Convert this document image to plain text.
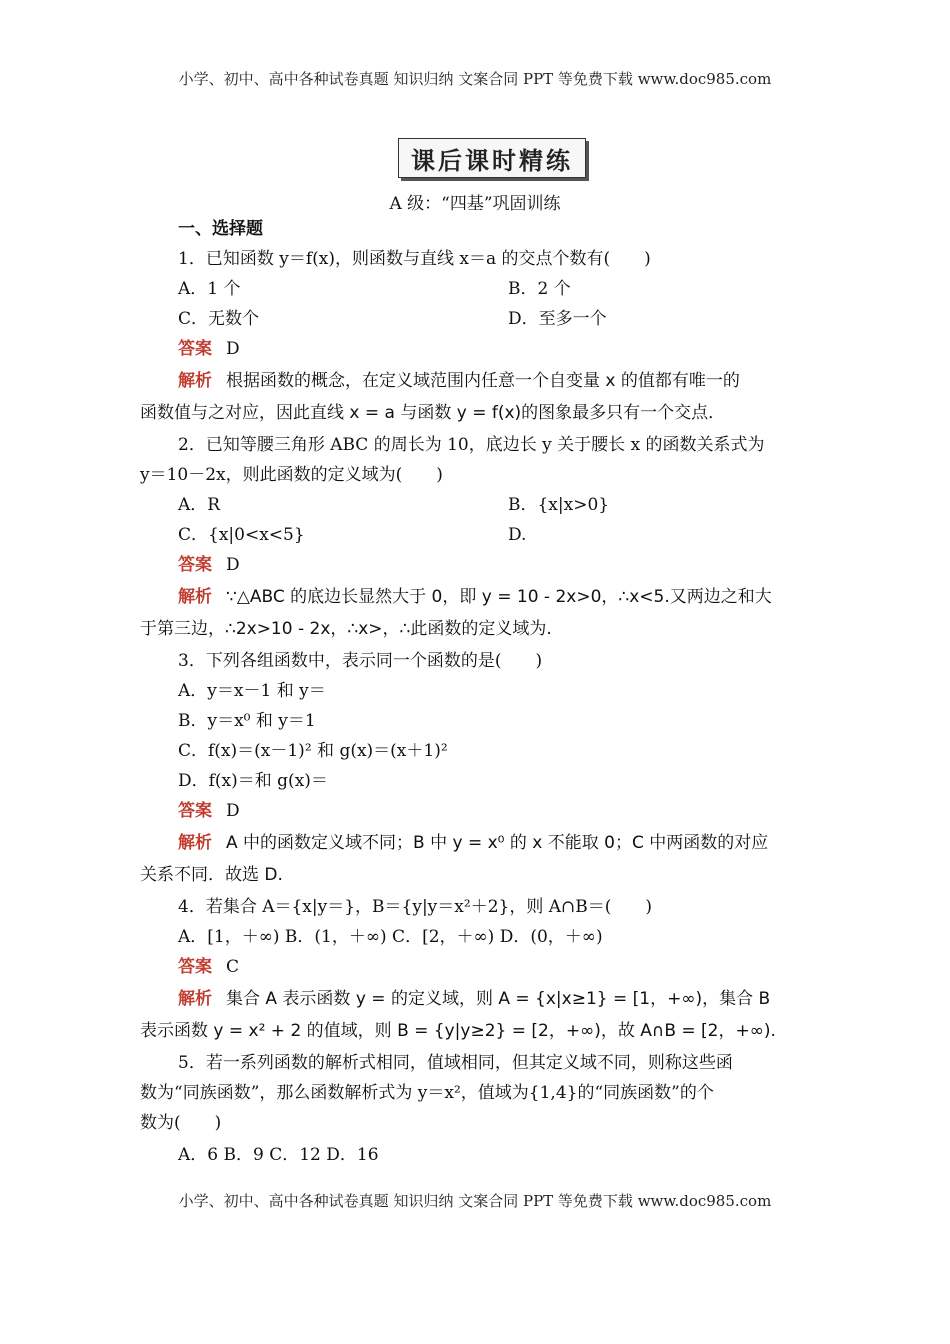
小学、初中、高中各种试卷真题 知识归纳 文案合同 PPT 等免费下载 www.doc985.com
课后课时精练
A 级：“四基”巩固训练
一、选择题
1．已知函数 y＝f(x)，则函数与直线 x＝a 的交点个数有(　　)
A．1 个	B．2 个
C．无数个	D．至多一个
答案 D
解析 根据函数的概念，在定义域范围内任意一个自变量 x 的值都有唯一的
函数值与之对应，因此直线 x = a 与函数 y = f(x)的图象最多只有一个交点．
2．已知等腰三角形 ABC 的周长为 10，底边长 y 关于腰长 x 的函数关系式为
y＝10－2x，则此函数的定义域为(　　)
A．R	B．{x|x>0}
C．{x|0<x<5}	D.
答案 D
解析 ∵△ABC 的底边长显然大于 0，即 y = 10 - 2x>0，∴x<5.又两边之和大
于第三边，∴2x>10 - 2x，∴x>，∴此函数的定义域为.
3．下列各组函数中，表示同一个函数的是(　　)
A．y＝x－1 和 y＝
B．y＝x⁰ 和 y＝1
C．f(x)＝(x－1)² 和 g(x)＝(x＋1)²
D．f(x)＝和 g(x)＝
答案 D
解析 A 中的函数定义域不同；B 中 y = x⁰ 的 x 不能取 0；C 中两函数的对应
关系不同．故选 D.
4．若集合 A＝{x|y＝}，B＝{y|y＝x²＋2}，则 A∩B＝(　　)
A．[1，＋∞) B．(1，＋∞) C．[2，＋∞) D．(0，＋∞)
答案 C
解析 集合 A 表示函数 y = 的定义域，则 A = {x|x≥1} = [1，+∞)，集合 B
表示函数 y = x² + 2 的值域，则 B = {y|y≥2} = [2，+∞)，故 A∩B = [2，+∞).
5．若一系列函数的解析式相同，值域相同，但其定义域不同，则称这些函
数为“同族函数”，那么函数解析式为 y＝x²，值域为{1,4}的“同族函数”的个
数为(　　)
A．6 B．9 C．12 D．16
小学、初中、高中各种试卷真题 知识归纳 文案合同 PPT 等免费下载 www.doc985.com
